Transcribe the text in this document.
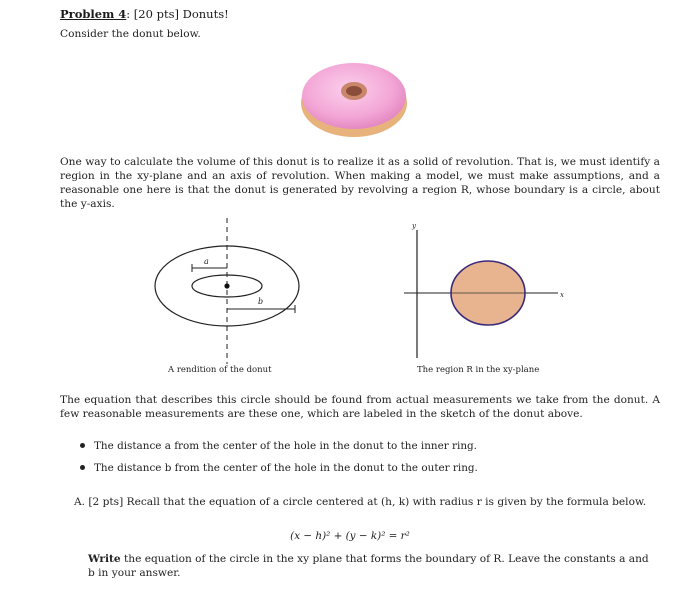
Problem 4: [20 pts] Donuts!
Consider the donut below.
One way to calculate the volume of this donut is to realize it as a solid of revolution. That is, we must identify a region in the xy-plane and an axis of revolution. When making a model, we must make assumptions, and a reasonable one here is that the donut is generated by revolving a region R, whose boundary is a circle, about the y-axis.
a
b
A rendition of the donut
y
x
The region R in the xy-plane
The equation that describes this circle should be found from actual measurements we take from the donut. A few reasonable measurements are these one, which are labeled in the sketch of the donut above.
The distance a from the center of the hole in the donut to the inner ring.
The distance b from the center of the hole in the donut to the outer ring.
A. [2 pts] Recall that the equation of a circle centered at (h, k) with radius r is given by the formula below.
(x − h)² + (y − k)² = r²
Write the equation of the circle in the xy plane that forms the boundary of R. Leave the constants a and b in your answer.
